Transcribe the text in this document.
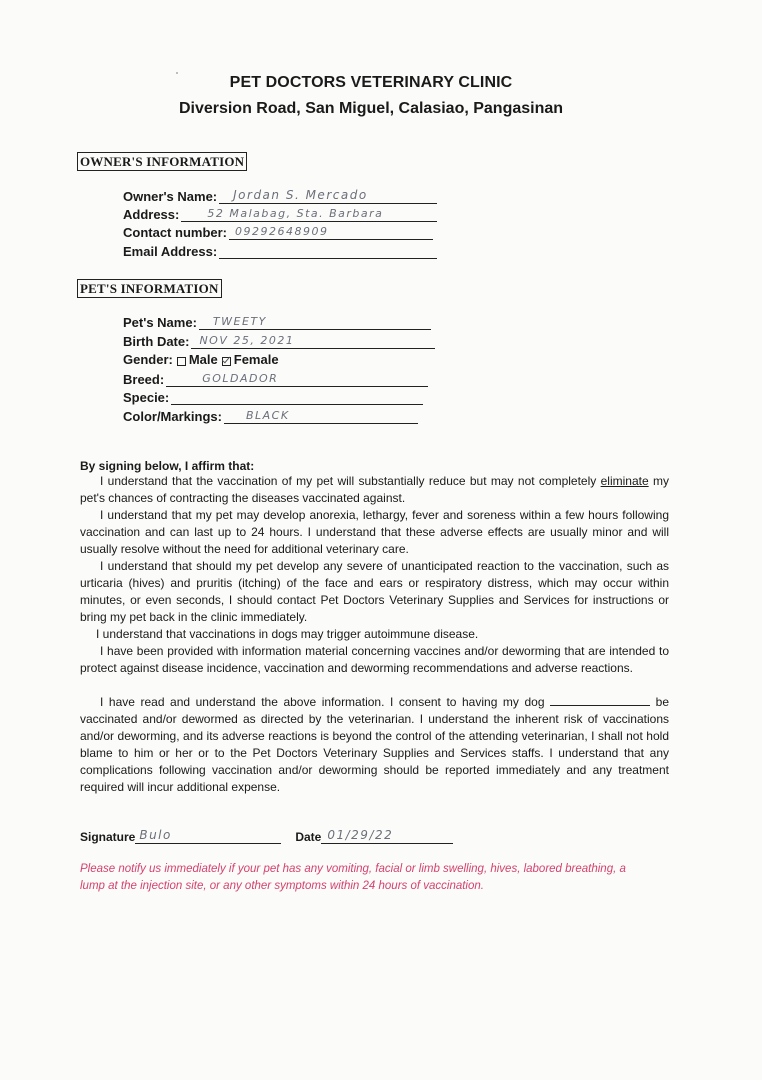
PET DOCTORS VETERINARY CLINIC
Diversion Road, San Miguel, Calasiao, Pangasinan
OWNER'S INFORMATION
Owner's Name: Jordan S. Mercado
Address:	52 Malabag, Sta. Barbara
Contact number: 09292648909
Email Address:
PET'S INFORMATION
Pet's Name: TWEETY
Birth Date: NOV 25, 2021
Gender: Male Female
Breed:	GOLDADOR
Specie:
Color/Markings: BLACK
By signing below, I affirm that:
I understand that the vaccination of my pet will substantially reduce but may not completely eliminate my pet's chances of contracting the diseases vaccinated against.
I understand that my pet may develop anorexia, lethargy, fever and soreness within a few hours following vaccination and can last up to 24 hours. I understand that these adverse effects are usually minor and will usually resolve without the need for additional veterinary care.
I understand that should my pet develop any severe of unanticipated reaction to the vaccination, such as urticaria (hives) and pruritis (itching) of the face and ears or respiratory distress, which may occur within minutes, or even seconds, I should contact Pet Doctors Veterinary Supplies and Services for instructions or bring my pet back in the clinic immediately.
I understand that vaccinations in dogs may trigger autoimmune disease.
I have been provided with information material concerning vaccines and/or deworming that are intended to protect against disease incidence, vaccination and deworming recommendations and adverse reactions.
I have read and understand the above information. I consent to having my dog	be vaccinated and/or dewormed as directed by the veterinarian. I understand the inherent risk of vaccinations and/or deworming, and its adverse reactions is beyond the control of the attending veterinarian, I shall not hold blame to him or her or to the Pet Doctors Veterinary Supplies and Services staffs. I understand that any complications following vaccination and/or deworming should be reported immediately and any treatment required will incur additional expense.
Signature Bulo	Date 01/29/22
Please notify us immediately if your pet has any vomiting, facial or limb swelling, hives, labored breathing, a lump at the injection site, or any other symptoms within 24 hours of vaccination.
